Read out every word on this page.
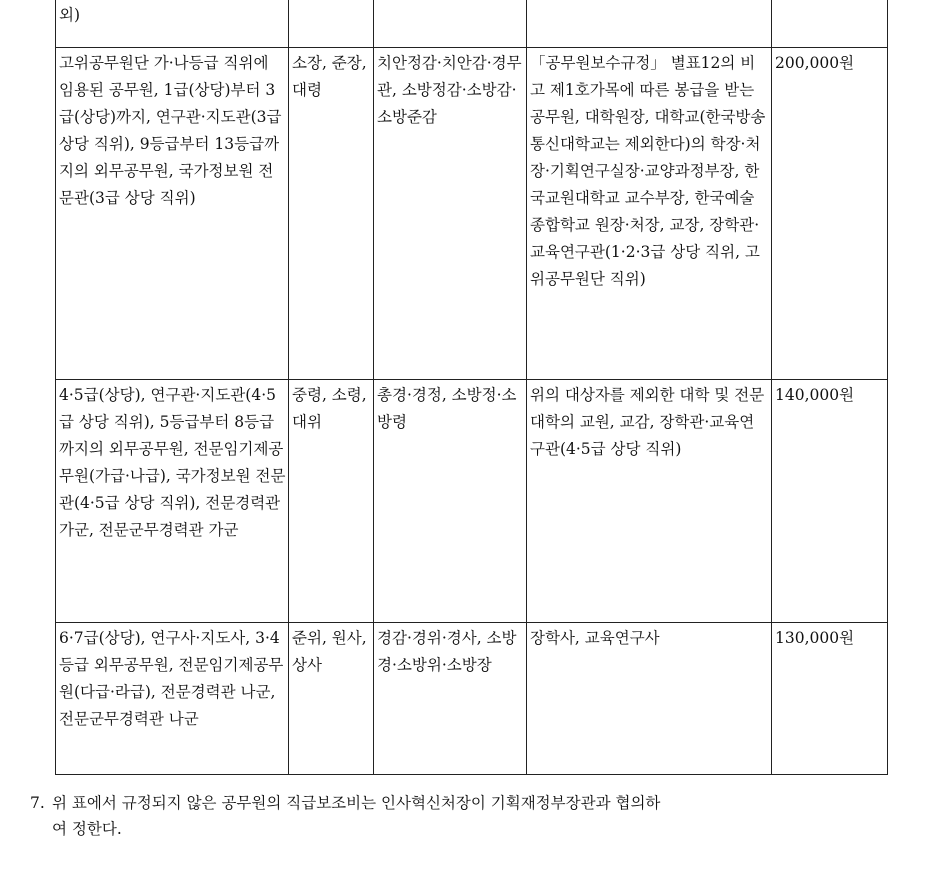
외)				
고위공무원단 가·나등급 직위에 임용된 공무원, 1급(상당)부터 3급(상당)까지, 연구관·지도관(3급 상당 직위), 9등급부터 13등급까지의 외무공무원, 국가정보원 전문관(3급 상당 직위)	소장, 준장, 대령	치안정감·치안감·경무관, 소방정감·소방감·소방준감	「공무원보수규정」 별표12의 비고 제1호가목에 따른 봉급을 받는 공무원, 대학원장, 대학교(한국방송통신대학교는 제외한다)의 학장·처장·기획연구실장·교양과정부장, 한국교원대학교 교수부장, 한국예술종합학교 원장·처장, 교장, 장학관·교육연구관(1·2·3급 상당 직위, 고위공무원단 직위)	200,000원
4·5급(상당), 연구관·지도관(4·5급 상당 직위), 5등급부터 8등급까지의 외무공무원, 전문임기제공무원(가급·나급), 국가정보원 전문관(4·5급 상당 직위), 전문경력관 가군, 전문군무경력관 가군	중령, 소령, 대위	총경·경정, 소방정·소방령	위의 대상자를 제외한 대학 및 전문대학의 교원, 교감, 장학관·교육연구관(4·5급 상당 직위)	140,000원
6·7급(상당), 연구사·지도사, 3·4등급 외무공무원, 전문임기제공무원(다급·라급), 전문경력관 나군, 전문군무경력관 나군	준위, 원사, 상사	경감·경위·경사, 소방경·소방위·소방장	장학사, 교육연구사	130,000원
7. 위 표에서 규정되지 않은 공무원의 직급보조비는 인사혁신처장이 기획재정부장관과 협의하
여 정한다.
